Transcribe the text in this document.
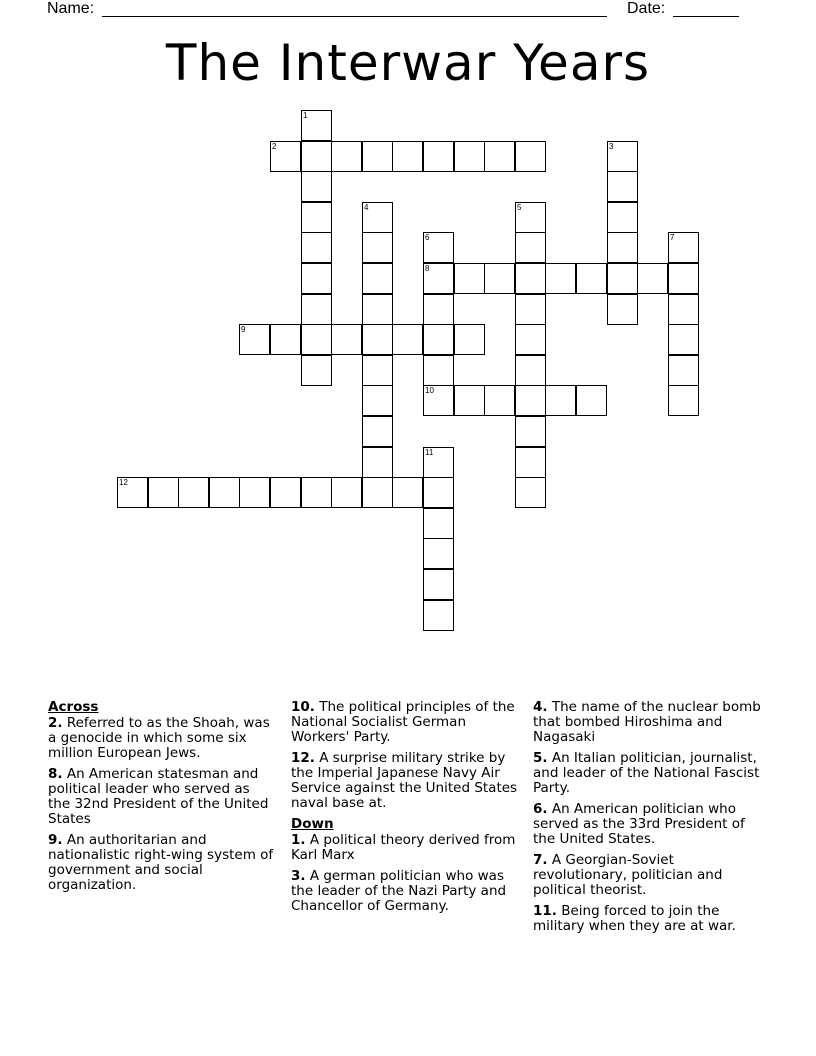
Name:	Date:
The Interwar Years
1
2	3
4	5
6
8
7
9
10
11
12
Across
2. Referred to as the Shoah, was a genocide in which some six million European Jews.
8. An American statesman and political leader who served as the 32nd President of the United States
9. An authoritarian and nationalistic right-wing system of government and social organization.
10. The political principles of the National Socialist German Workers' Party.
12. A surprise military strike by the Imperial Japanese Navy Air Service against the United States naval base at.
Down
1. A political theory derived from Karl Marx
3. A german politician who was the leader of the Nazi Party and Chancellor of Germany.
4. The name of the nuclear bomb that bombed Hiroshima and Nagasaki
5. An Italian politician, journalist, and leader of the National Fascist Party.
6. An American politician who served as the 33rd President of the United States.
7. A Georgian-Soviet revolutionary, politician and political theorist.
11. Being forced to join the military when they are at war.
